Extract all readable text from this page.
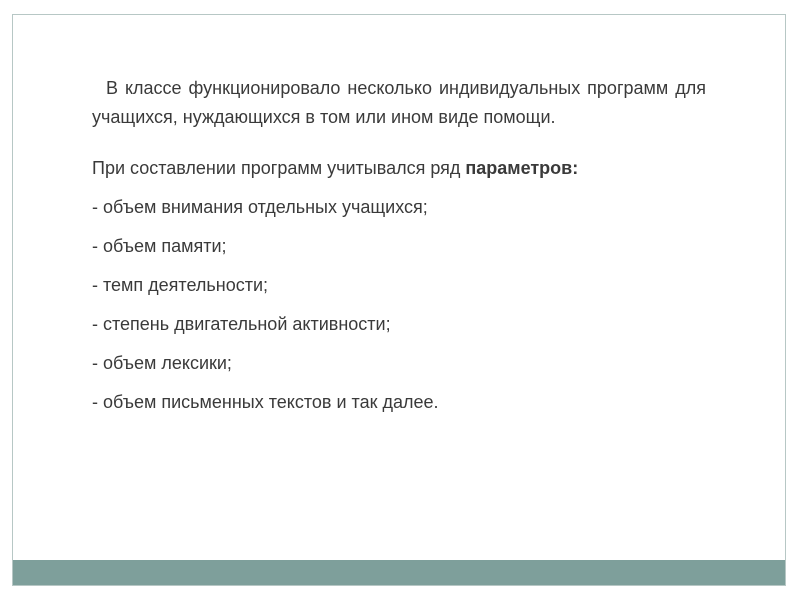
В классе функционировало несколько индивидуальных программ для учащихся, нуждающихся в том или ином виде помощи.

При составлении программ учитывался ряд параметров:

- объем внимания отдельных учащихся;
- объем памяти;
- темп деятельности;
- степень двигательной активности;
- объем лексики;
- объем письменных текстов и так далее.
